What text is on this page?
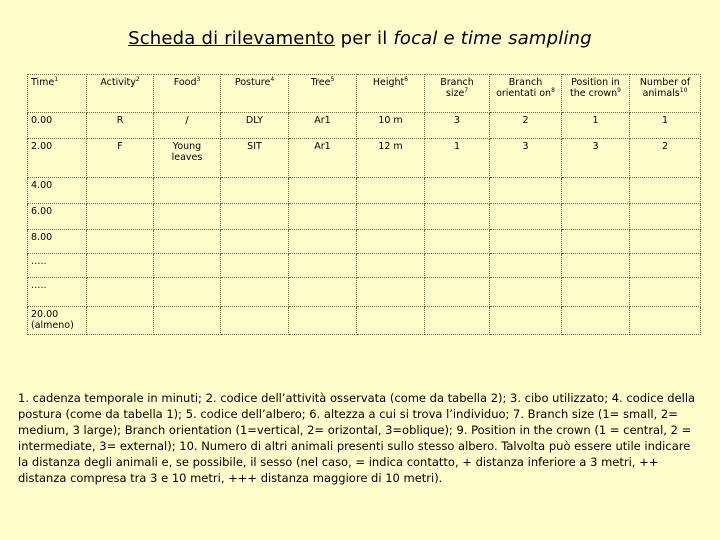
Scheda di rilevamento per il focal e time sampling
Time$^1$	Activity$^2$	Food$^3$	Posture$^4$	Tree$^5$	Height$^6$	Branch size$^7$	Branch orientati $on^8$	Position in the crown$^9$	Number of animals$^{10}$
0.00	R	/	DLY	Ar1	10 m	3	2	1	1
2.00	F	Young leaves	SIT	Ar1	12 m	1	3	3	2
4.00									
6.00									
8.00									
…..									
…..									
20.00 (almeno)									
1. cadenza temporale in minuti; 2. codice dell’attività osservata (come da tabella 2); 3. cibo utilizzato; 4. codice della postura (come da tabella 1); 5. codice dell’albero; 6. altezza a cui si trova l’individuo; 7. Branch size (1= small, 2= medium, 3 large); Branch orientation (1=vertical, 2= orizontal, 3=oblique); 9. Position in the crown (1 = central, 2 = intermediate, 3= external); 10. Numero di altri animali presenti sullo stesso albero. Talvolta può essere utile indicare la distanza degli animali e, se possibile, il sesso (nel caso, = indica contatto, + distanza inferiore a 3 metri, ++ distanza compresa tra 3 e 10 metri, +++ distanza maggiore di 10 metri).
